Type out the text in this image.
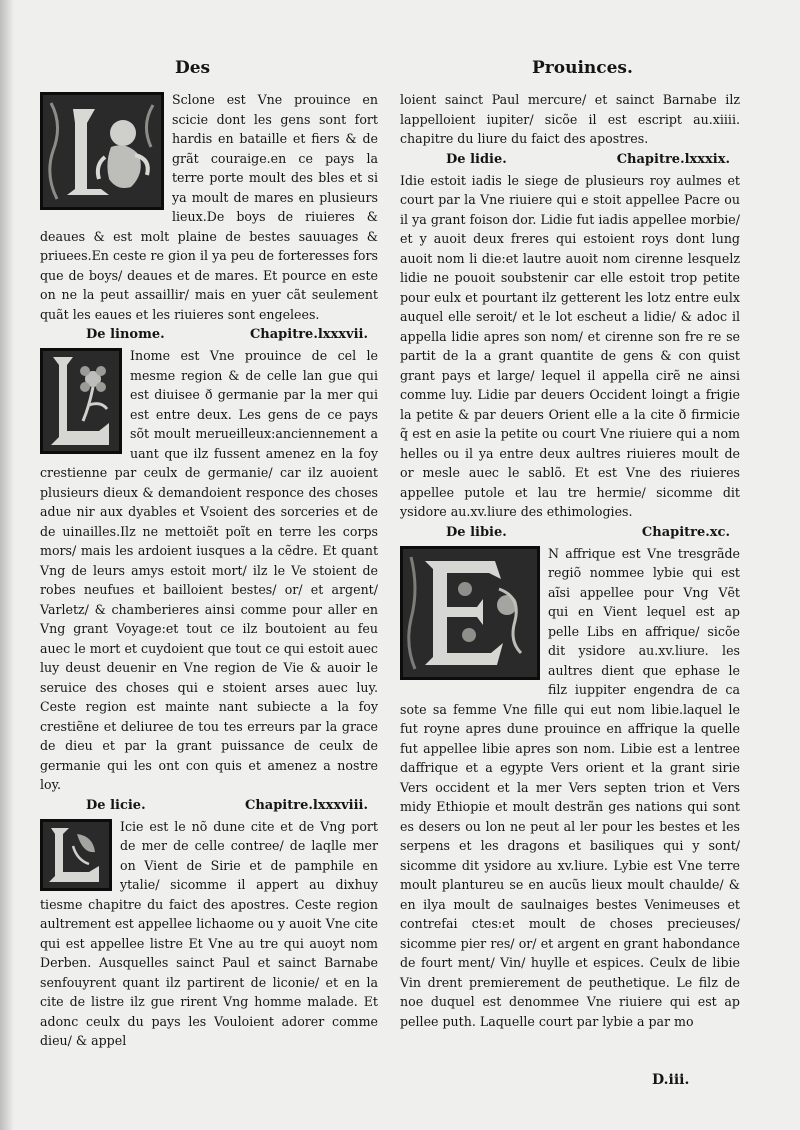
Des	Prouinces.

Sclone est Vne prouince en scicie dont les gens sont fort hardis en bataille et fiers & de grãt couraige.en ce pays la terre porte moult des bles et si ya moult de mares en plusieurs lieux.De boys de riuieres & deaues & est molt plaine de bestes sauuages & priuees.En ceste re gion il ya peu de forteresses fors que de boys/ deaues et de mares. Et pource en este on ne la peut assaillir/ mais en yuer cãt seulement quãt les eaues et les riuieres sont engelees.

De linome.	Chapitre.lxxxvii.

Inome est Vne prouince de cel le mesme region & de celle lan gue qui est diuisee ð germanie par la mer qui est entre deux. Les gens de ce pays sõt moult merueilleux:anciennement a uant que ilz fussent amenez en la foy crestienne par ceulx de germanie/ car ilz auoient plusieurs dieux & demandoient responce des choses adue nir aux dyables et Vsoient des sorceries et de de uinailles.Ilz ne mettoiẽt poĩt en terre les corps mors/ mais les ardoient iusques a la cẽdre. Et quant Vng de leurs amys estoit mort/ ilz le Ve stoient de robes neufues et bailloient bestes/ or/ et argent/ Varletz/ & chamberieres ainsi comme pour aller en Vng grant Voyage:et tout ce ilz boutoient au feu auec le mort et cuydoient que tout ce qui estoit auec luy deust deuenir en Vne region de Vie & auoir le seruice des choses qui e stoient arses auec luy. Ceste region est mainte nant subiecte a la foy crestiẽne et deliuree de tou tes erreurs par la grace de dieu et par la grant puissance de ceulx de germanie qui les ont con quis et amenez a nostre loy.

De licie.	Chapitre.lxxxviii.

Icie est le nõ dune cite et de Vng port de mer de celle contree/ de laqlle mer on Vient de Sirie et de pamphile en ytalie/ sicomme il appert au dixhuy tiesme chapitre du faict des apostres. Ceste region aultrement est appellee lichaome ou y auoit Vne cite qui est appellee listre Et Vne au tre qui auoyt nom Derben. Ausquelles sainct Paul et sainct Barnabe senfouyrent quant ilz partirent de liconie/ et en la cite de listre ilz gue rirent Vng homme malade. Et adonc ceulx du pays les Vouloient adorer comme dieu/ & appel

loient sainct Paul mercure/ et sainct Barnabe ilz lappelloient iupiter/ sicõe il est escript au.xiiii. chapitre du liure du faict des apostres.

De lidie.	Chapitre.lxxxix.

Idie estoit iadis le siege de plusieurs roy aulmes et court par la Vne riuiere qui e stoit appellee Pacre ou il ya grant foison dor. Lidie fut iadis appellee morbie/ et y auoit deux freres qui estoient roys dont lung auoit nom li die:et lautre auoit nom cirenne lesquelz lidie ne pouoit soubstenir car elle estoit trop petite pour eulx et pourtant ilz getterent les lotz entre eulx auquel elle seroit/ et le lot escheut a lidie/ & adoc il appella lidie apres son nom/ et cirenne son fre re se partit de la a grant quantite de gens & con quist grant pays et large/ lequel il appella cirẽ ne ainsi comme luy. Lidie par deuers Occident loingt a frigie la petite & par deuers Orient elle a la cite ð firmicie q̃ est en asie la petite ou court Vne riuiere qui a nom helles ou il ya entre deux aultres riuieres moult de or mesle auec le sablõ. Et est Vne des riuieres appellee putole et lau tre hermie/ sicomme dit ysidore au.xv.liure des ethimologies.

De libie.	Chapitre.xc.

N affrique est Vne tresgrãde regiõ nommee lybie qui est aĩsi appellee pour Vng Vẽt qui en Vient lequel est ap pelle Libs en affrique/ sicõe dit ysidore au.xv.liure. les aultres dient que ephase le filz iuppiter engendra de ca sote sa femme Vne fille qui eut nom libie.laquel le fut royne apres dune prouince en affrique la quelle fut appellee libie apres son nom. Libie est a lentree daffrique et a egypte Vers orient et la grant sirie Vers occident et la mer Vers septen trion et Vers midy Ethiopie et moult destrãn ges nations qui sont es desers ou lon ne peut al ler pour les bestes et les serpens et les dragons et basiliques qui y sont/ sicomme dit ysidore au xv.liure. Lybie est Vne terre moult plantureu se en aucũs lieux moult chaulde/ & en ilya moult de saulnaiges bestes Venimeuses et contrefai ctes:et moult de choses precieuses/ sicomme pier res/ or/ et argent en grant habondance de fourt ment/ Vin/ huylle et espices. Ceulx de libie Vin drent premierement de peuthetique. Le filz de noe duquel est denommee Vne riuiere qui est ap pellee puth. Laquelle court par lybie a par mo

D.iii.
